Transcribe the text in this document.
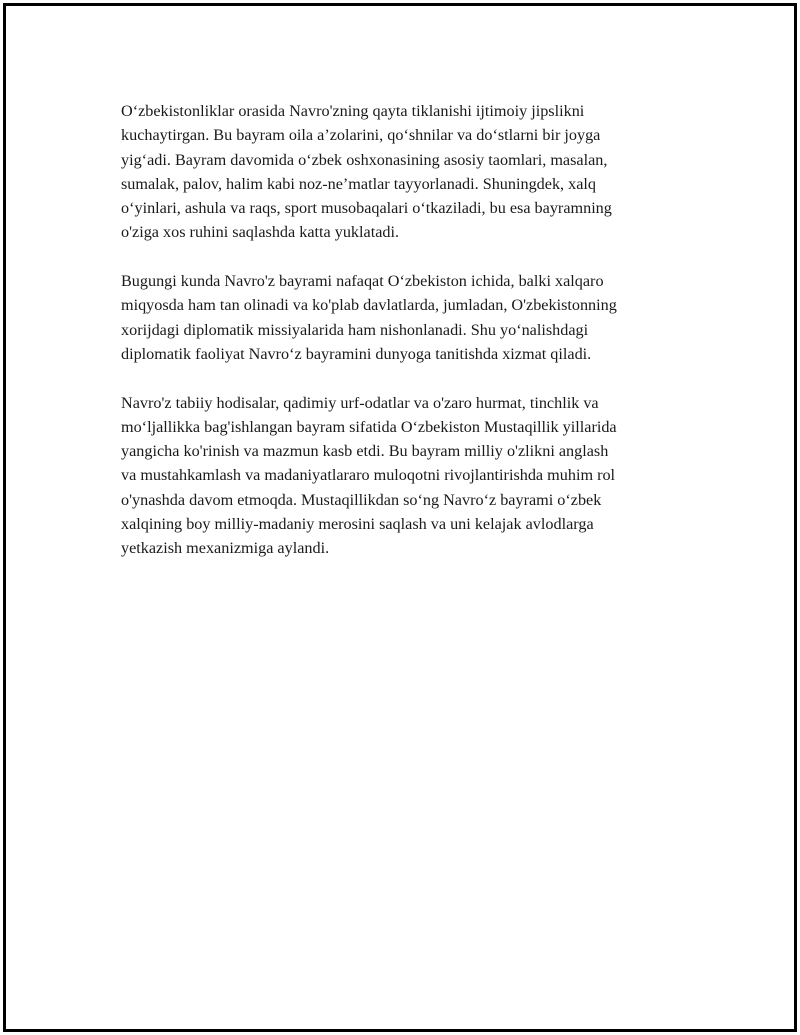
O‘zbekistonliklar orasida Navro'zning qayta tiklanishi ijtimoiy jipslikni
kuchaytirgan. Bu bayram oila a’zolarini, qo‘shnilar va do‘stlarni bir joyga
yig‘adi. Bayram davomida o‘zbek oshxonasining asosiy taomlari, masalan,
sumalak, palov, halim kabi noz-ne’matlar tayyorlanadi. Shuningdek, xalq
o‘yinlari, ashula va raqs, sport musobaqalari o‘tkaziladi, bu esa bayramning
o'ziga xos ruhini saqlashda katta yuklatadi.

Bugungi kunda Navro'z bayrami nafaqat O‘zbekiston ichida, balki xalqaro
miqyosda ham tan olinadi va ko'plab davlatlarda, jumladan, O'zbekistonning
xorijdagi diplomatik missiyalarida ham nishonlanadi. Shu yo‘nalishdagi
diplomatik faoliyat Navro‘z bayramini dunyoga tanitishda xizmat qiladi.

Navro'z tabiiy hodisalar, qadimiy urf-odatlar va o'zaro hurmat, tinchlik va
mo‘ljallikka bag'ishlangan bayram sifatida O‘zbekiston Mustaqillik yillarida
yangicha ko'rinish va mazmun kasb etdi. Bu bayram milliy o'zlikni anglash
va mustahkamlash va madaniyatlararo muloqotni rivojlantirishda muhim rol
o'ynashda davom etmoqda. Mustaqillikdan so‘ng Navro‘z bayrami o‘zbek
xalqining boy milliy-madaniy merosini saqlash va uni kelajak avlodlarga
yetkazish mexanizmiga aylandi.
